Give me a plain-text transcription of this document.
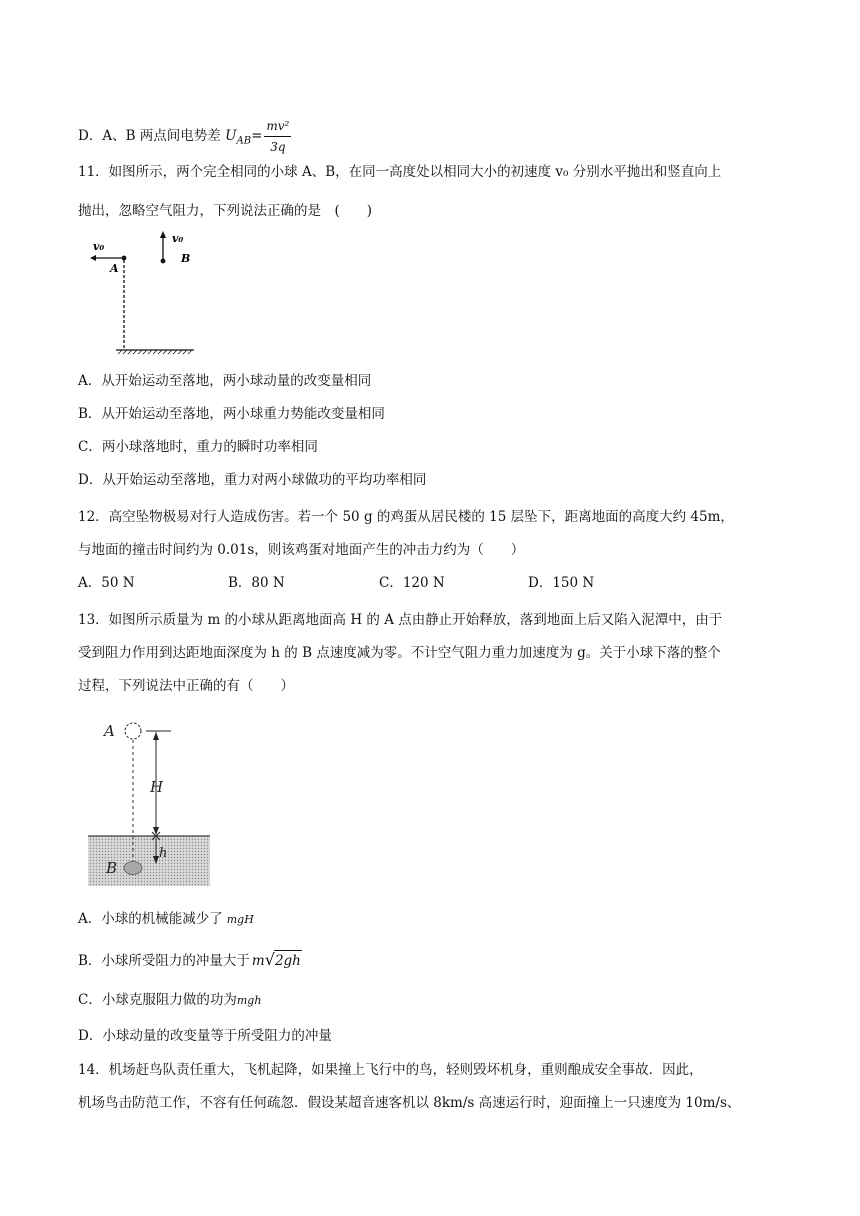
D．A、B 两点间电势差 $U_{AB}= \frac{\text{mv²}}{3q}$
11．如图所示，两个完全相同的小球 A、B，在同一高度处以相同大小的初速度 v₀ 分别水平抛出和竖直向上
抛出，忽略空气阻力，下列说法正确的是　(　　)
v₀
A
v₀
B
A．从开始运动至落地，两小球动量的改变量相同
B．从开始运动至落地，两小球重力势能改变量相同
C．两小球落地时，重力的瞬时功率相同
D．从开始运动至落地，重力对两小球做功的平均功率相同
12．高空坠物极易对行人造成伤害。若一个 50 g 的鸡蛋从居民楼的 15 层坠下，距离地面的高度大约 45m，
与地面的撞击时间约为 0.01s，则该鸡蛋对地面产生的冲击力约为（　　）
A．50 N	B．80 N	C．120 N	D．150 N
13．如图所示质量为 m 的小球从距离地面高 H 的 A 点由静止开始释放，落到地面上后又陷入泥潭中，由于
受到阻力作用到达距地面深度为 h 的 B 点速度减为零。不计空气阻力重力加速度为 g。关于小球下落的整个
过程，下列说法中正确的有（　　）
A
H
h
B
A．小球的机械能减少了 mgH
B．小球所受阻力的冲量大于 m√2gh
C．小球克服阻力做的功为mgh
D．小球动量的改变量等于所受阻力的冲量
14．机场赶鸟队责任重大，飞机起降，如果撞上飞行中的鸟，轻则毁坏机身，重则酿成安全事故．因此，
机场鸟击防范工作，不容有任何疏忽．假设某超音速客机以 8km/s 高速运行时，迎面撞上一只速度为 10m/s、
